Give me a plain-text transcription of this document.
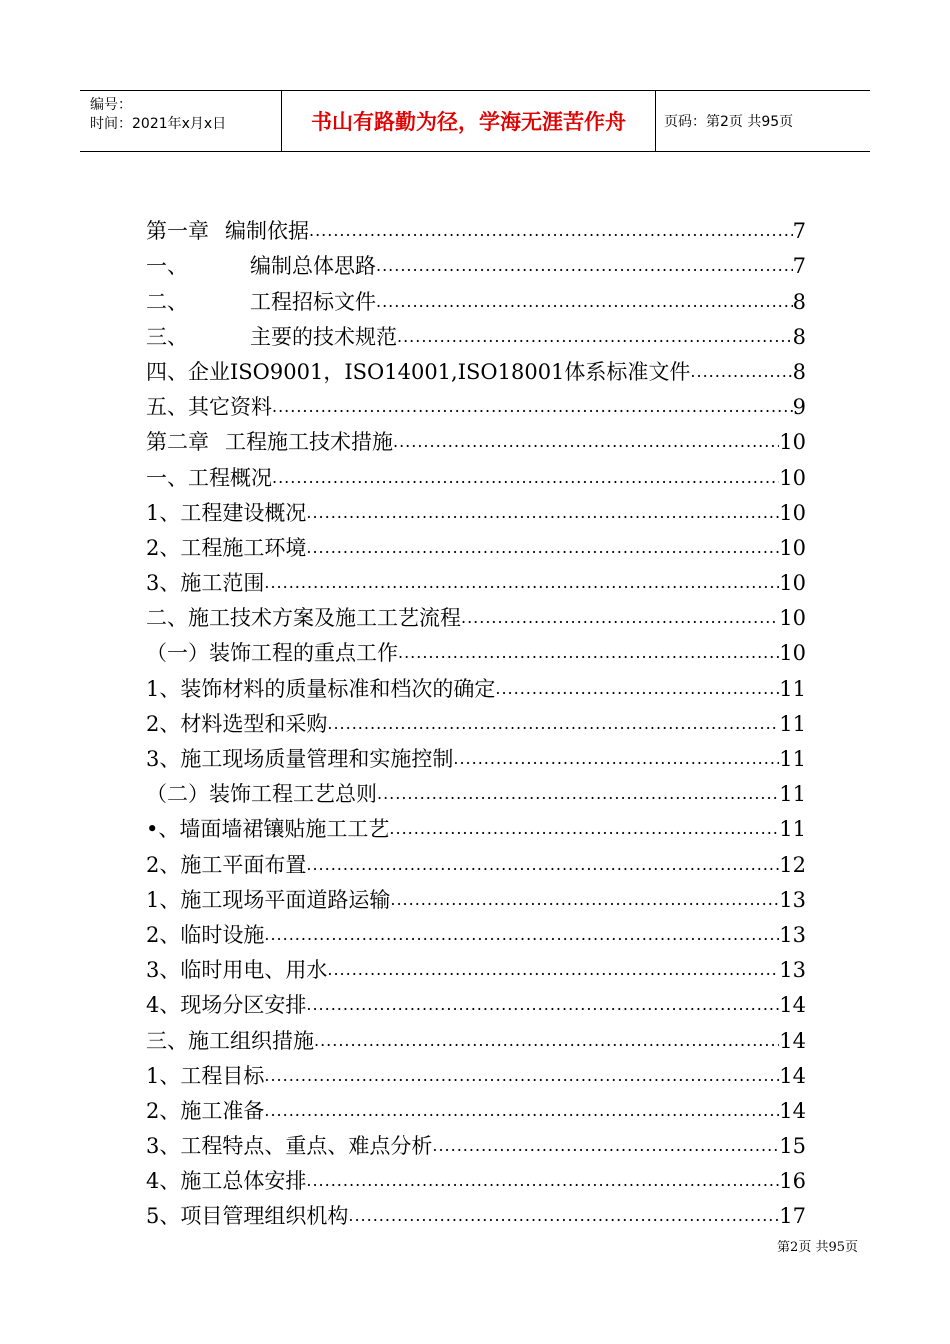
编号：
时间：2021年x月x日	书山有路勤为径，学海无涯苦作舟	页码：第2页 共95页
第一章 编制依据 .....	7
一、	编制总体思路 .....	7
二、	工程招标文件 .....	8
三、	主要的技术规范 .....	8
四、企业ISO9001，ISO14001,ISO18001体系标准文件 .....	8
五、其它资料 .....	9
第二章 工程施工技术措施 .....	10
一、工程概况 .....	10
1、工程建设概况 .....	10
2、工程施工环境 .....	10
3、施工范围 .....	10
二、施工技术方案及施工工艺流程 .....	10
（一）装饰工程的重点工作 .....	10
1、装饰材料的质量标准和档次的确定 .....	11
2、材料选型和采购 .....	11
3、施工现场质量管理和实施控制 .....	11
（二）装饰工程工艺总则 .....	11
•、墙面墙裙镶贴施工工艺 .....	11
2、施工平面布置 .....	12
1、施工现场平面道路运输 .....	13
2、临时设施 .....	13
3、临时用电、用水 .....	13
4、现场分区安排 .....	14
三、施工组织措施 .....	14
1、工程目标 .....	14
2、施工准备 .....	14
3、工程特点、重点、难点分析 .....	15
4、施工总体安排 .....	16
5、项目管理组织机构 .....	17
第2页 共95页
